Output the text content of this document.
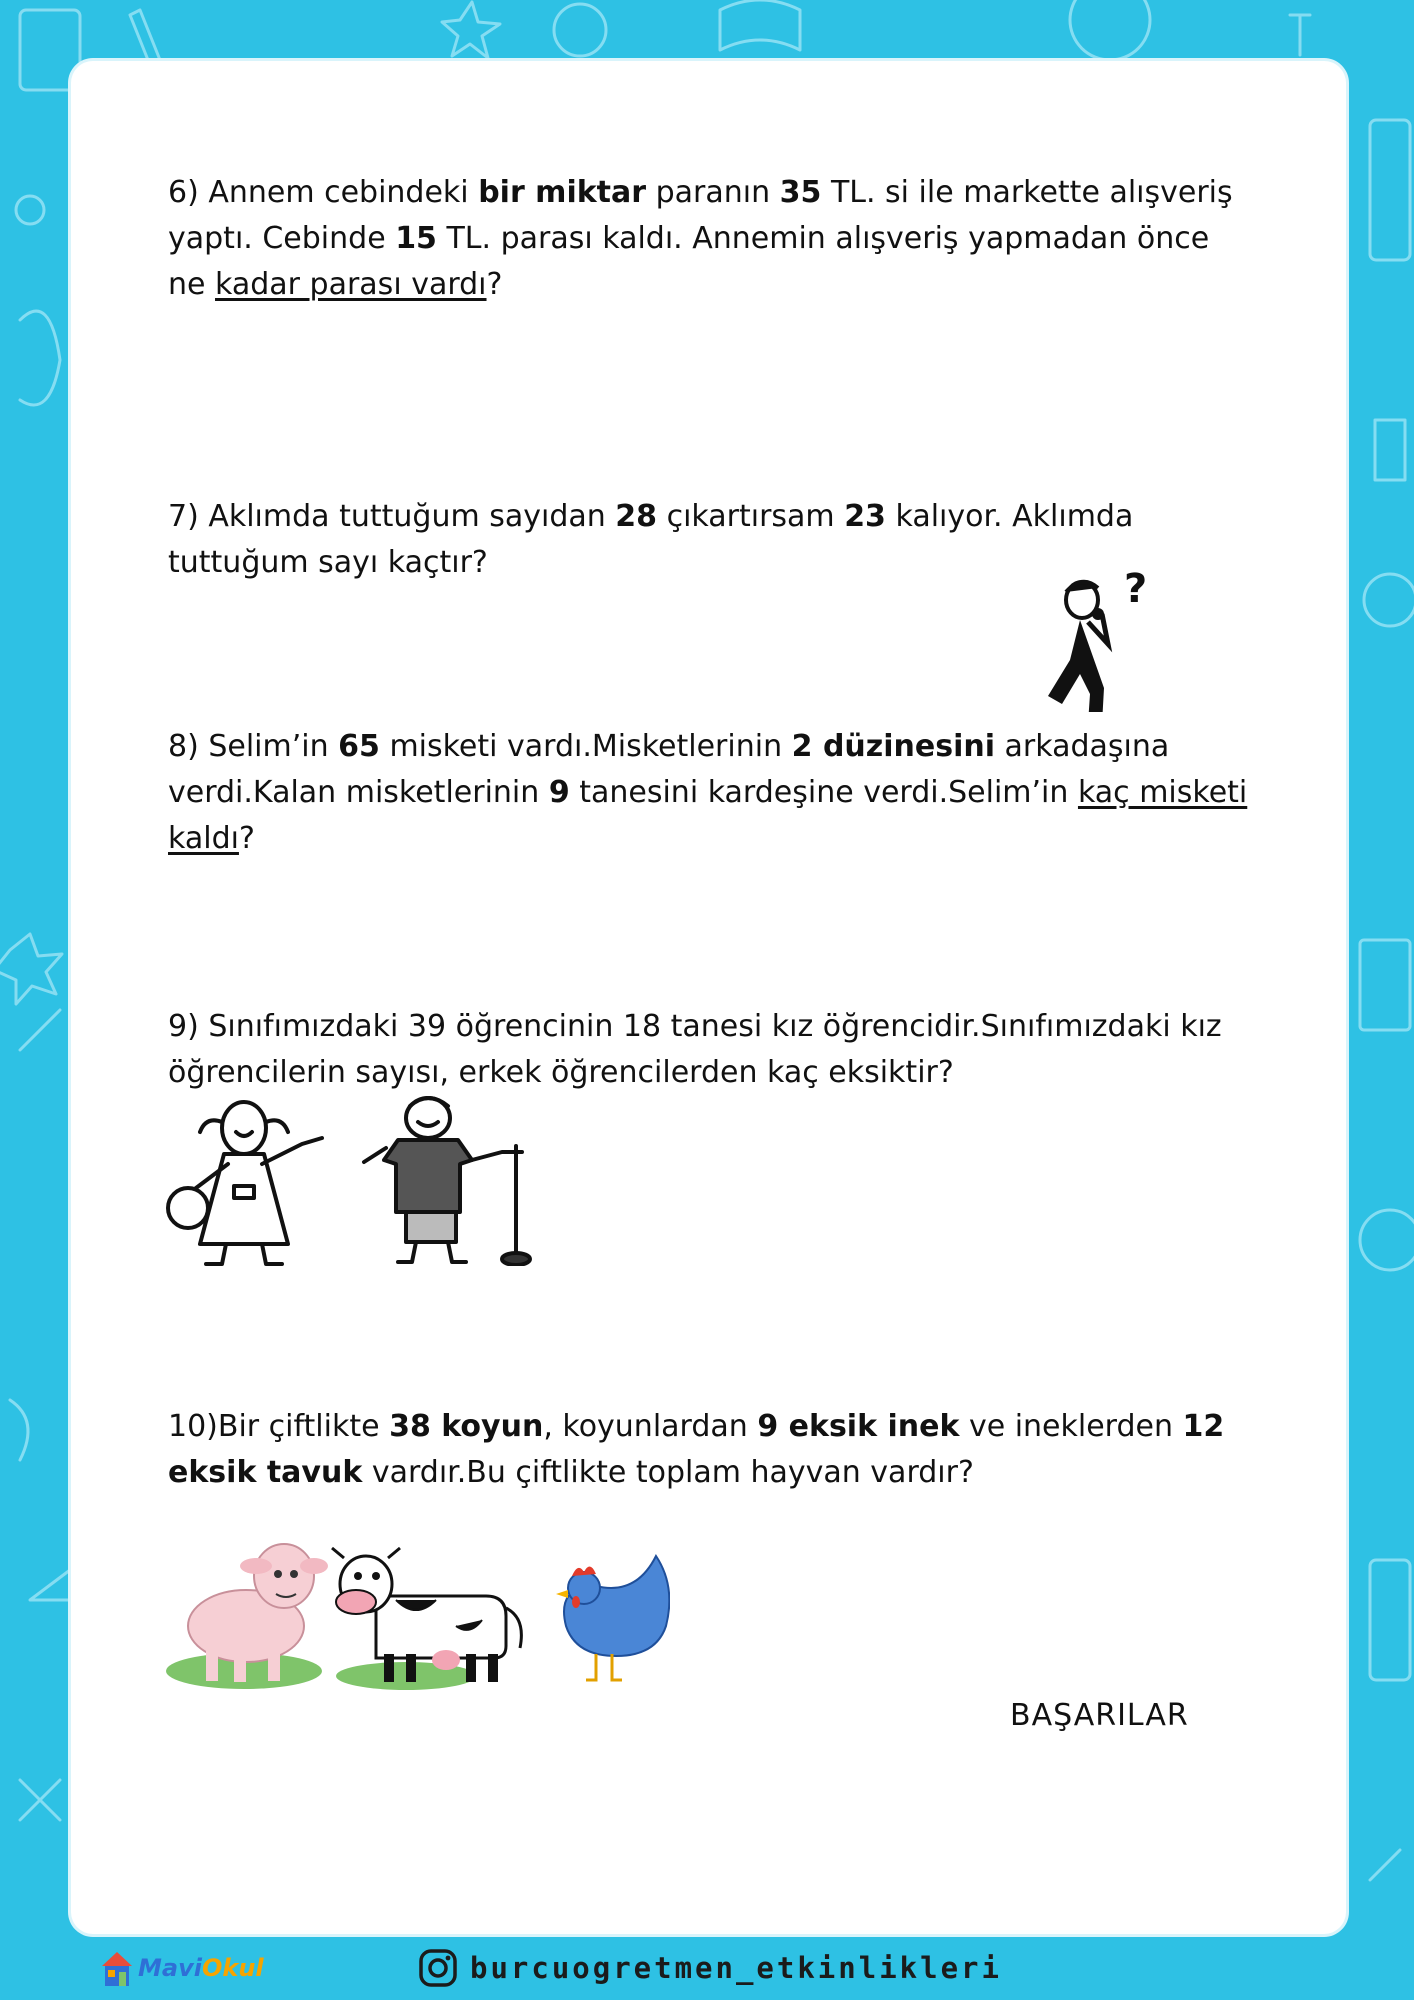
6) Annem cebindeki bir miktar paranın 35 TL. si ile markette alışveriş yaptı. Cebinde 15 TL. parası kaldı. Annemin alışveriş yapmadan önce ne kadar parası vardı?

7) Aklımda tuttuğum sayıdan 28 çıkartırsam 23 kalıyor. Aklımda tuttuğum sayı kaçtır?

?

8) Selim’in 65 misketi vardı.Misketlerinin 2 düzinesini arkadaşına verdi.Kalan misketlerinin 9 tanesini kardeşine verdi.Selim’in kaç misketi kaldı?

9) Sınıfımızdaki 39 öğrencinin 18 tanesi kız öğrencidir.Sınıfımızdaki kız öğrencilerin sayısı, erkek öğrencilerden kaç eksiktir?

10)Bir çiftlikte 38 koyun, koyunlardan 9 eksik inek ve ineklerden 12 eksik tavuk vardır.Bu çiftlikte toplam hayvan vardır?

BAŞARILAR
MaviOkul	burcuogretmen_etkinlikleri
